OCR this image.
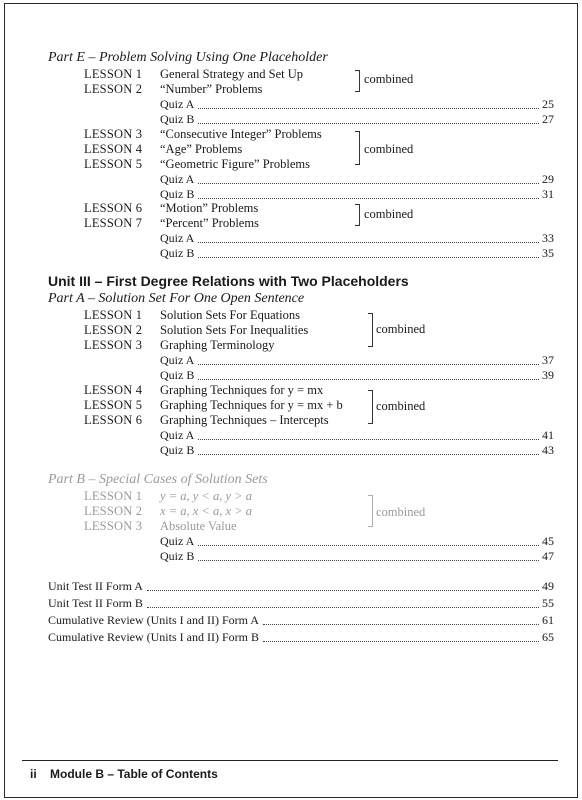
Part E – Problem Solving Using One Placeholder
LESSON 1 General Strategy and Set Up
LESSON 2 “Number” Problems
combined
Quiz A	25
Quiz B	27
LESSON 3 “Consecutive Integer” Problems
LESSON 4 “Age” Problems
LESSON 5 “Geometric Figure” Problems
combined
Quiz A	29
Quiz B	31
LESSON 6 “Motion” Problems
LESSON 7 “Percent” Problems
combined
Quiz A	33
Quiz B	35
Unit III – First Degree Relations with Two Placeholders
Part A – Solution Set For One Open Sentence
LESSON 1 Solution Sets For Equations
LESSON 2 Solution Sets For Inequalities
LESSON 3 Graphing Terminology
combined
Quiz A	37
Quiz B	39
LESSON 4 Graphing Techniques for y = mx
LESSON 5 Graphing Techniques for y = mx + b
LESSON 6 Graphing Techniques – Intercepts
combined
Quiz A	41
Quiz B	43
Part B – Special Cases of Solution Sets
LESSON 1 y = a, y < a, y > a
LESSON 2 x = a, x < a, x > a
LESSON 3 Absolute Value
combined
Quiz A	45
Quiz B	47
Unit Test II Form A	49
Unit Test II Form B	55
Cumulative Review (Units I and II) Form A	61
Cumulative Review (Units I and II) Form B	65
ii    Module B – Table of Contents
